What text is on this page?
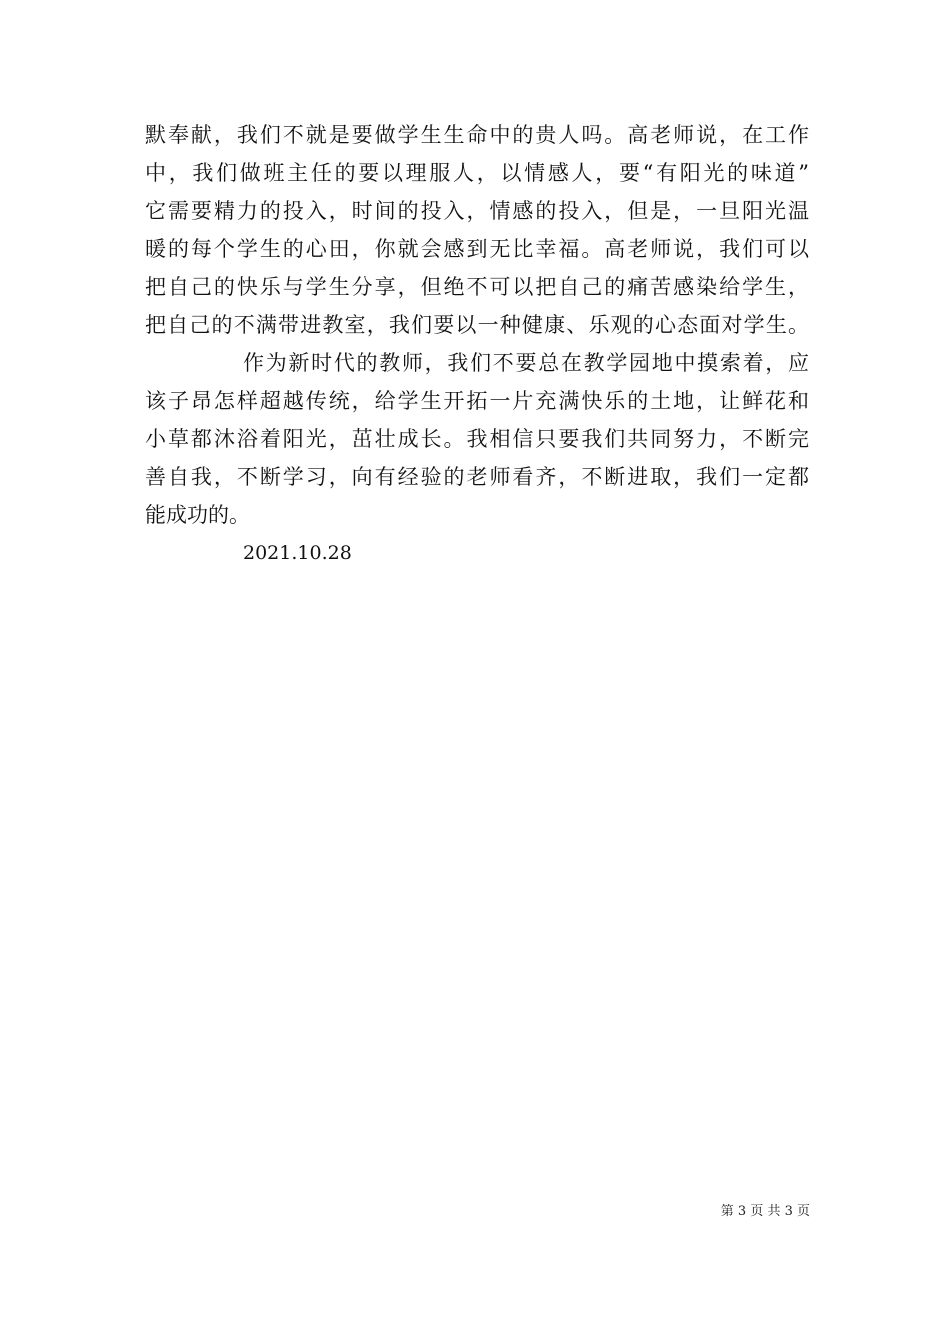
默奉献，我们不就是要做学生生命中的贵人吗。高老师说，在工作
中，我们做班主任的要以理服人，以情感人，要“有阳光的味道”
它需要精力的投入，时间的投入，情感的投入，但是，一旦阳光温
暖的每个学生的心田，你就会感到无比幸福。高老师说，我们可以
把自己的快乐与学生分享，但绝不可以把自己的痛苦感染给学生，
把自己的不满带进教室，我们要以一种健康、乐观的心态面对学生。
作为新时代的教师，我们不要总在教学园地中摸索着，应
该子昂怎样超越传统，给学生开拓一片充满快乐的土地，让鲜花和
小草都沐浴着阳光，茁壮成长。我相信只要我们共同努力，不断完
善自我，不断学习，向有经验的老师看齐，不断进取，我们一定都
能成功的。
2021.10.28
第 3 页 共 3 页
